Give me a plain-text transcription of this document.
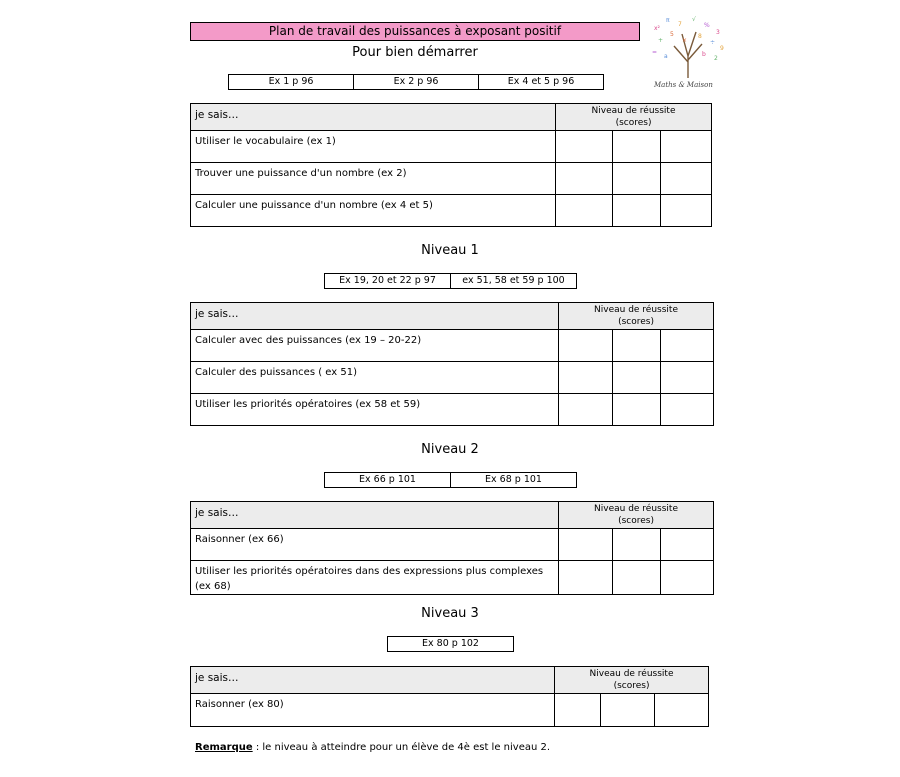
Plan de travail des puissances à exposant positif	x²
π
7
√
%
3
+
5
÷
9
=
a	b
2
×
8
Maths & Maison
Pour bien démarrer
Ex 1 p 96	Ex 2 p 96	Ex 4 et 5 p 96
je sais…	Niveau de réussite
(scores)		
Utiliser le vocabulaire (ex 1)			
Trouver une puissance d'un nombre (ex 2)			
Calculer une puissance d'un nombre (ex 4 et 5)			
Niveau 1
Ex 19, 20 et 22 p 97	ex 51, 58 et 59 p 100
je sais…	Niveau de réussite
(scores)		
Calculer avec des puissances (ex 19 – 20-22)			
Calculer des puissances ( ex 51)			
Utiliser les priorités opératoires (ex 58 et 59)			
Niveau 2
Ex 66 p 101	Ex 68 p 101
je sais…	Niveau de réussite
(scores)		
Raisonner (ex 66)			
Utiliser les priorités opératoires dans des expressions plus complexes (ex 68)			
Niveau 3
Ex 80 p 102
je sais…	Niveau de réussite
(scores)		
Raisonner (ex 80)			
Remarque : le niveau à atteindre pour un élève de 4è est le niveau 2.
